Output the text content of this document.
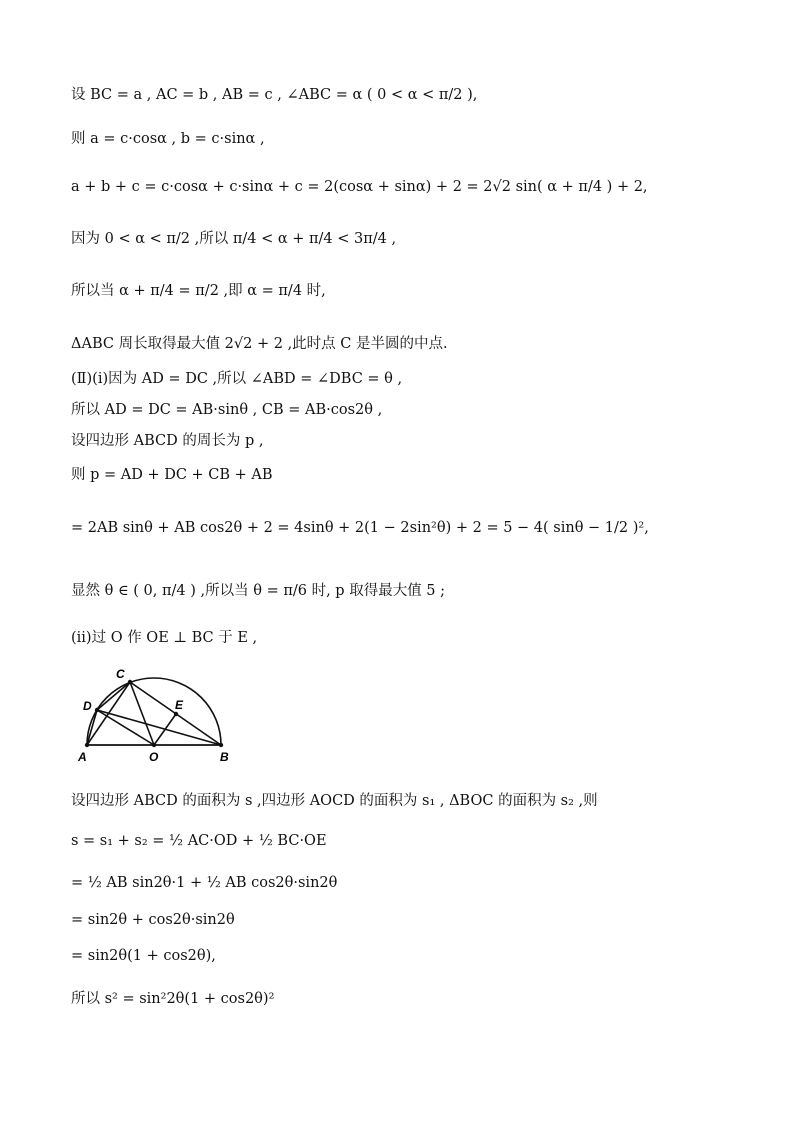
设 BC = a , AC = b , AB = c , ∠ABC = α ( 0 < α < π/2 ),
则 a = c·cosα , b = c·sinα ,
a + b + c = c·cosα + c·sinα + c = 2(cosα + sinα) + 2 = 2√2 sin( α + π/4 ) + 2,
因为 0 < α < π/2 ,所以 π/4 < α + π/4 < 3π/4 ,
所以当 α + π/4 = π/2 ,即 α = π/4 时,
ΔABC 周长取得最大值 2√2 + 2 ,此时点 C 是半圆的中点.
(Ⅱ)(ⅰ)因为 AD = DC ,所以 ∠ABD = ∠DBC = θ ,
所以 AD = DC = AB·sinθ , CB = AB·cos2θ ,
设四边形 ABCD 的周长为 p ,
则 p = AD + DC + CB + AB
= 2AB sinθ + AB cos2θ + 2 = 4sinθ + 2(1 − 2sin²θ) + 2 = 5 − 4( sinθ − 1/2 )²,
显然 θ ∈ ( 0, π/4 ) ,所以当 θ = π/6 时, p 取得最大值 5 ;
(ⅱ)过 O 作 OE ⊥ BC 于 E ,
A	O	B
C
D	E
设四边形 ABCD 的面积为 s ,四边形 AOCD 的面积为 s₁ , ΔBOC 的面积为 s₂ ,则
s = s₁ + s₂ = ½ AC·OD + ½ BC·OE
= ½ AB sin2θ·1 + ½ AB cos2θ·sin2θ
= sin2θ + cos2θ·sin2θ
= sin2θ(1 + cos2θ),
所以 s² = sin²2θ(1 + cos2θ)²
